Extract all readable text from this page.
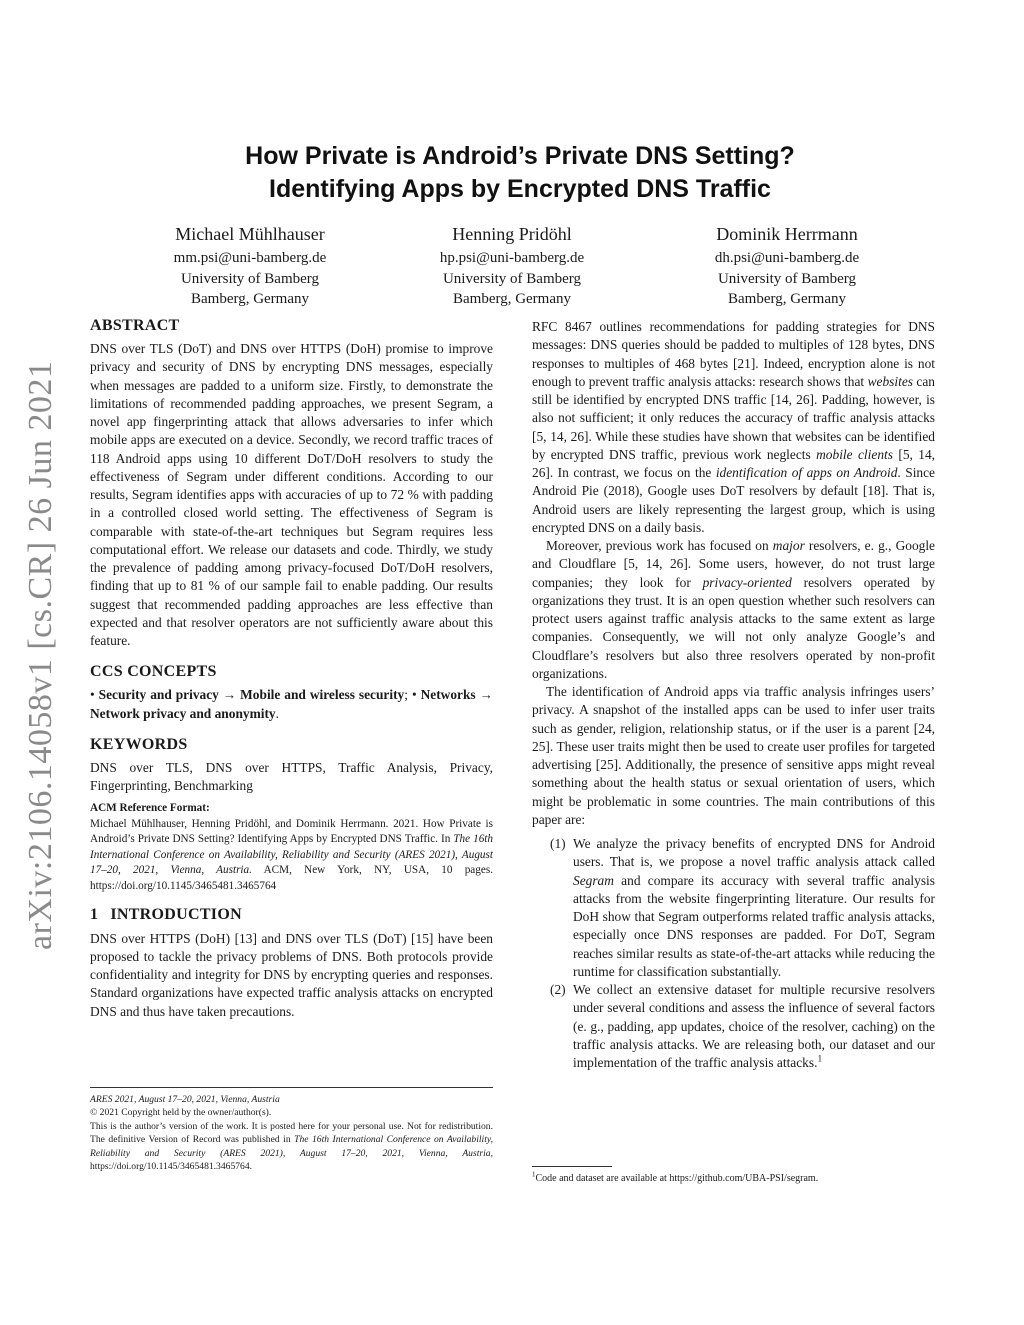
arXiv:2106.14058v1 [cs.CR] 26 Jun 2021
How Private is Android’s Private DNS Setting?
Identifying Apps by Encrypted DNS Traffic
Michael Mühlhauser
mm.psi@uni-bamberg.de
University of Bamberg
Bamberg, Germany
Henning Pridöhl
hp.psi@uni-bamberg.de
University of Bamberg
Bamberg, Germany
Dominik Herrmann
dh.psi@uni-bamberg.de
University of Bamberg
Bamberg, Germany
ABSTRACT

DNS over TLS (DoT) and DNS over HTTPS (DoH) promise to improve privacy and security of DNS by encrypting DNS messages, especially when messages are padded to a uniform size. Firstly, to demonstrate the limitations of recommended padding approaches, we present Segram, a novel app fingerprinting attack that allows adversaries to infer which mobile apps are executed on a device. Secondly, we record traffic traces of 118 Android apps using 10 different DoT/DoH resolvers to study the effectiveness of Segram under different conditions. According to our results, Segram identifies apps with accuracies of up to 72 % with padding in a controlled closed world setting. The effectiveness of Segram is comparable with state-of-the-art techniques but Segram requires less computational effort. We release our datasets and code. Thirdly, we study the prevalence of padding among privacy-focused DoT/DoH resolvers, finding that up to 81 % of our sample fail to enable padding. Our results suggest that recommended padding approaches are less effective than expected and that resolver operators are not sufficiently aware about this feature.

CCS CONCEPTS

• Security and privacy → Mobile and wireless security; • Networks → Network privacy and anonymity.

KEYWORDS

DNS over TLS, DNS over HTTPS, Traffic Analysis, Privacy, Fingerprinting, Benchmarking

ACM Reference Format:
Michael Mühlhauser, Henning Pridöhl, and Dominik Herrmann. 2021. How Private is Android’s Private DNS Setting? Identifying Apps by Encrypted DNS Traffic. In The 16th International Conference on Availability, Reliability and Security (ARES 2021), August 17–20, 2021, Vienna, Austria. ACM, New York, NY, USA, 10 pages. https://doi.org/10.1145/3465481.3465764
1 INTRODUCTION

DNS over HTTPS (DoH) [13] and DNS over TLS (DoT) [15] have been proposed to tackle the privacy problems of DNS. Both protocols provide confidentiality and integrity for DNS by encrypting queries and responses. Standard organizations have expected traffic analysis attacks on encrypted DNS and thus have taken precautions.

ARES 2021, August 17–20, 2021, Vienna, Austria
© 2021 Copyright held by the owner/author(s).
This is the author’s version of the work. It is posted here for your personal use. Not for redistribution. The definitive Version of Record was published in The 16th International Conference on Availability, Reliability and Security (ARES 2021), August 17–20, 2021, Vienna, Austria, https://doi.org/10.1145/3465481.3465764.

RFC 8467 outlines recommendations for padding strategies for DNS messages: DNS queries should be padded to multiples of 128 bytes, DNS responses to multiples of 468 bytes [21]. Indeed, encryption alone is not enough to prevent traffic analysis attacks: research shows that websites can still be identified by encrypted DNS traffic [14, 26]. Padding, however, is also not sufficient; it only reduces the accuracy of traffic analysis attacks [5, 14, 26]. While these studies have shown that websites can be identified by encrypted DNS traffic, previous work neglects mobile clients [5, 14, 26]. In contrast, we focus on the identification of apps on Android. Since Android Pie (2018), Google uses DoT resolvers by default [18]. That is, Android users are likely representing the largest group, which is using encrypted DNS on a daily basis.

Moreover, previous work has focused on major resolvers, e. g., Google and Cloudflare [5, 14, 26]. Some users, however, do not trust large companies; they look for privacy-oriented resolvers operated by organizations they trust. It is an open question whether such resolvers can protect users against traffic analysis attacks to the same extent as large companies. Consequently, we will not only analyze Google’s and Cloudflare’s resolvers but also three resolvers operated by non-profit organizations.

The identification of Android apps via traffic analysis infringes users’ privacy. A snapshot of the installed apps can be used to infer user traits such as gender, religion, relationship status, or if the user is a parent [24, 25]. These user traits might then be used to create user profiles for targeted advertising [25]. Additionally, the presence of sensitive apps might reveal something about the health status or sexual orientation of users, which might be problematic in some countries. The main contributions of this paper are:

(1) We analyze the privacy benefits of encrypted DNS for Android users. That is, we propose a novel traffic analysis attack called Segram and compare its accuracy with several traffic analysis attacks from the website fingerprinting literature. Our results for DoH show that Segram outperforms related traffic analysis attacks, especially once DNS responses are padded. For DoT, Segram reaches similar results as state-of-the-art attacks while reducing the runtime for classification substantially.
(2) We collect an extensive dataset for multiple recursive resolvers under several conditions and assess the influence of several factors (e. g., padding, app updates, choice of the resolver, caching) on the traffic analysis attacks. We are releasing both, our dataset and our implementation of the traffic analysis attacks.$^1$
$^1$Code and dataset are available at https://github.com/UBA-PSI/segram.
